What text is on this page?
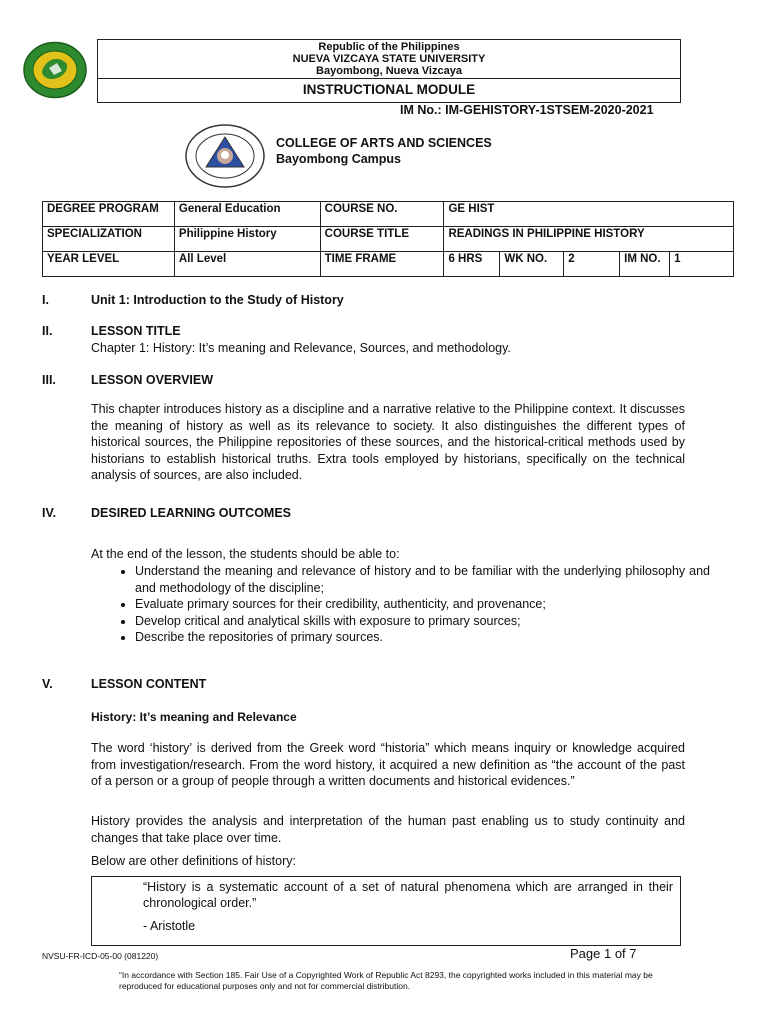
Republic of the Philippines
NUEVA VIZCAYA STATE UNIVERSITY
Bayombong, Nueva Vizcaya
INSTRUCTIONAL MODULE
IM No.: IM-GEHISTORY-1STSEM-2020-2021
COLLEGE OF ARTS AND SCIENCES
Bayombong Campus
DEGREE PROGRAM	General Education	COURSE NO.	GE HIST				
SPECIALIZATION	Philippine History	COURSE TITLE	READINGS IN PHILIPPINE HISTORY				
YEAR LEVEL	All Level	TIME FRAME	6 HRS	WK NO.	2	IM NO.	1
I.	Unit 1: Introduction to the Study of History
II.	LESSON TITLE
Chapter 1: History: It’s meaning and Relevance, Sources, and methodology.
III.	LESSON OVERVIEW
This chapter introduces history as a discipline and a narrative relative to the Philippine context. It discusses the meaning of history as well as its relevance to society. It also distinguishes the different types of historical sources, the Philippine repositories of these sources, and the historical-critical methods used by historians to establish historical truths. Extra tools employed by historians, specifically on the technical analysis of sources, are also included.
IV.	DESIRED LEARNING OUTCOMES
At the end of the lesson, the students should be able to:
• Understand the meaning and relevance of history and to be familiar with the underlying philosophy and and methodology of the discipline;
• Evaluate primary sources for their credibility, authenticity, and provenance;
• Develop critical and analytical skills with exposure to primary sources;
• Describe the repositories of primary sources.
V.	LESSON CONTENT
History: It’s meaning and Relevance
The word ‘history’ is derived from the Greek word “historia” which means inquiry or knowledge acquired from investigation/research. From the word history, it acquired a new definition as “the account of the past of a person or a group of people through a written documents and historical evidences.”
History provides the analysis and interpretation of the human past enabling us to study continuity and changes that take place over time.
Below are other definitions of history:
“History is a systematic account of a set of natural phenomena which are arranged in their chronological order.”
- Aristotle
NVSU-FR-ICD-05-00 (081220)	Page 1 of 7
“In accordance with Section 185. Fair Use of a Copyrighted Work of Republic Act 8293, the copyrighted works included in this material may be reproduced for educational purposes only and not for commercial distribution.
